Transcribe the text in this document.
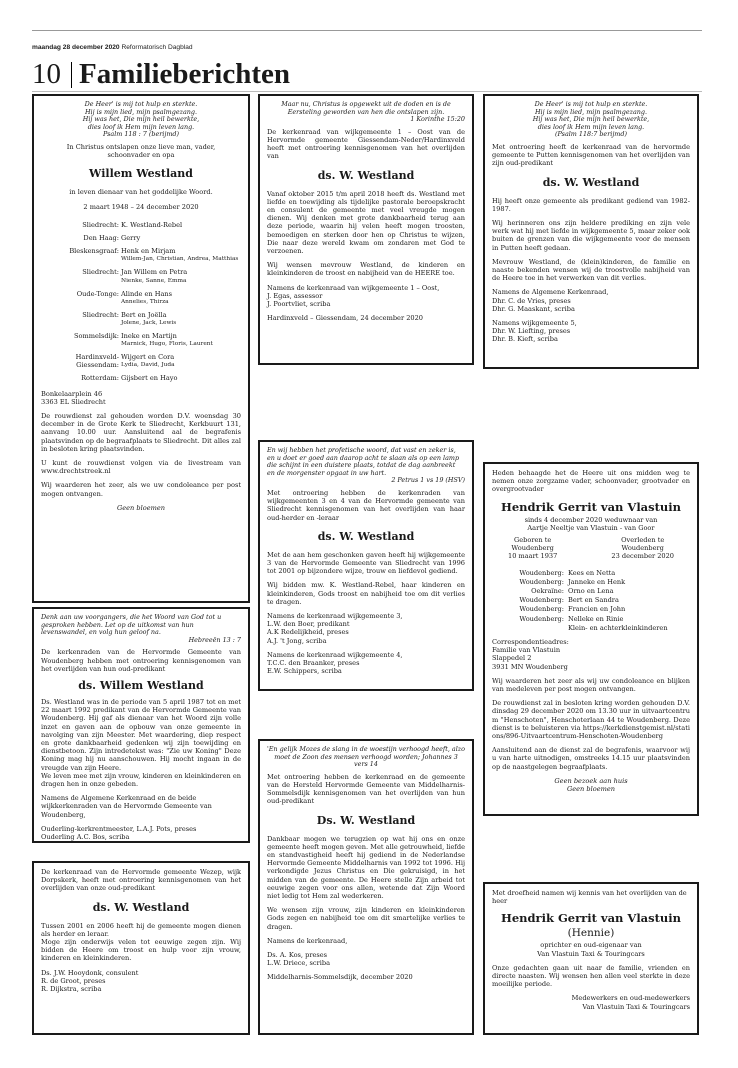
maandag 28 december 2020 Reformatorisch Dagblad
10 Familieberichten
De Heer' is mij tot hulp en sterkte.
Hij is mijn lied, mijn psalmgezang.
Hij was het, Die mijn heil bewerkte,
dies loof ik Hem mijn leven lang.
Psalm 118 : 7 (berijmd)
In Christus ontslapen onze lieve man, vader,
schoonvader en opa
Willem Westland
in leven dienaar van het goddelijke Woord.
2 maart 1948 – 24 december 2020
Sliedrecht: K. Westland-Rebel
Den Haag: Gerry
Bleskensgraaf: Henk en Mirjam
Willem-Jan, Christian, Andrea, Matthias
Sliedrecht: Jan Willem en Petra
Nienke, Sanne, Emma
Oude-Tonge: Alinde en Hans
Annelies, Thirza
Sliedrecht: Bert en Joëlla
Jolene, Jack, Lewis
Sommelsdijk: Ineke en Martijn
Marnick, Hugo, Floris, Laurent
Hardinxveld-Giessendam:
Wijgert en Cora
Lydia, David, Juda
Rotterdam: Gijsbert en Hayo
Bonkelaarplein 46
3363 EL Sliedrecht
De rouwdienst zal gehouden worden D.V. woensdag 30 december in de Grote Kerk te Sliedrecht, Kerkbuurt 131, aanvang 10.00 uur. Aansluitend aal de begrafenis plaatsvinden op de begraafplaats te Sliedrecht. Dit alles zal in besloten kring plaatsvinden.
U kunt de rouwdienst volgen via de livestream van www.drechtstreek.nl
Wij waarderen het zeer, als we uw condoleance per post mogen ontvangen.
Geen bloemen
Maar nu, Christus is opgewekt uit de doden en is de Eersteling geworden van hen die ontslapen zijn.
1 Korinthe 15:20
De kerkenraad van wijkgemeente 1 – Oost van de Hervormde gemeente Giessendam-Neder/Hardinxveld heeft met ontroering kennisgenomen van het overlijden van
ds. W. Westland
Vanaf oktober 2015 t/m april 2018 heeft ds. Westland met liefde en toewijding als tijdelijke pastorale beroepskracht en consulent de gemeente met veel vreugde mogen dienen. Wij denken met grote dankbaarheid terug aan deze periode, waarin hij velen heeft mogen troosten, bemoedigen en sterken door hen op Christus te wijzen, Die naar deze wereld kwam om zondaren met God te verzoenen.
Wij wensen mevrouw Westland, de kinderen en kleinkinderen de troost en nabijheid van de HEERE toe.
Namens de kerkenraad van wijkgemeente 1 – Oost,
J. Egas, assessor
J. Poortvliet, scriba
Hardinxveld – Giessendam, 24 december 2020
De Heer' is mij tot hulp en sterkte.
Hij is mijn lied, mijn psalmgezang.
Hij was het, Die mijn heil bewerkte,
dies loof ik Hem mijn leven lang.
(Psalm 118:7 berijmd)
Met ontroering heeft de kerkenraad van de hervormde gemeente te Putten kennisgenomen van het overlijden van zijn oud-predikant
ds. W. Westland
Hij heeft onze gemeente als predikant gediend van 1982-1987.
Wij herinneren ons zijn heldere prediking en zijn vele werk wat hij met liefde in wijkgemeente 5, maar zeker ook buiten de grenzen van die wijkgemeente voor de mensen in Putten heeft gedaan.
Mevrouw Westland, de (klein)kinderen, de familie en naaste bekenden wensen wij de troostvolle nabijheid van de Heere toe in het verwerken van dit verlies.
Namens de Algemene Kerkenraad,
Dhr. C. de Vries, preses
Dhr. G. Maaskant, scriba
Namens wijkgemeente 5,
Dhr. W. Liefting, preses
Dhr. B. Kieft, scriba
En wij hebben het profetische woord, dat vast en zeker is, en u doet er goed aan daarop acht te slaan als op een lamp die schijnt in een duistere plaats, totdat de dag aanbreekt en de morgenster opgaat in uw hart.
2 Petrus 1 vs 19 (HSV)
Met ontroering hebben de kerkenraden van wijkgemeenten 3 en 4 van de Hervormde gemeente van Sliedrecht kennisgenomen van het overlijden van haar oud-herder en -leraar
ds. W. Westland
Met de aan hem geschonken gaven heeft hij wijkgemeente 3 van de Hervormde Gemeente van Sliedrecht van 1996 tot 2001 op bijzondere wijze, trouw en liefdevol gediend.
Wij bidden mw. K. Westland-Rebel, haar kinderen en kleinkinderen, Gods troost en nabijheid toe om dit verlies te dragen.
Namens de kerkenraad wijkgemeente 3,
L.W. den Boer, predikant
A.K Redelijkheid, preses
A.J. 't Jong, scriba
Namens de kerkenraad wijkgemeente 4,
T.C.C. den Braanker, preses
E.W. Schippers, scriba
Heden behaagde het de Heere uit ons midden weg te nemen onze zorgzame vader, schoonvader, grootvader en overgrootvader
Hendrik Gerrit van Vlastuin
sinds 4 december 2020 weduwnaar van
Aartje Neeltje van Vlastuin - van Goor
Geboren te
Woudenberg
10 maart 1937
Overleden te
Woudenberg
23 december 2020
Woudenberg: Kees en Netta
Woudenberg: Janneke en Henk
Oekraïne: Orno en Lena
Woudenberg: Bert en Sandra
Woudenberg: Francien en John
Woudenberg: Nelleke en Rinie
Klein- en achterkleinkinderen
Correspondentieadres:
Familie van Vlastuin
Slappedel 2
3931 MN Woudenberg
Wij waarderen het zeer als wij uw condoleance en blijken van medeleven per post mogen ontvangen.
De rouwdienst zal in besloten kring worden gehouden D.V. dinsdag 29 december 2020 om 13.30 uur in uitvaartcentrum "Henschoten", Henschoterlaan 44 te Woudenberg. Deze dienst is te beluisteren via https://kerkdienstgemist.nl/stations/896-Uitvaartcentrum-Henschoten-Woudenberg
Aansluitend aan de dienst zal de begrafenis, waarvoor wij u van harte uitnodigen, omstreeks 14.15 uur plaatsvinden op de naastgelegen begraafplaats.
Geen bezoek aan huis
Geen bloemen
Denk aan uw voorgangers, die het Woord van God tot u gesproken hebben. Let op de uitkomst van hun levenswandel, en volg hun geloof na.
Hebreeën 13 : 7
De kerkenraden van de Hervormde Gemeente van Woudenberg hebben met ontroering kennisgenomen van het overlijden van hun oud-predikant
ds. Willem Westland
Ds. Westland was in de periode van 5 april 1987 tot en met 22 maart 1992 predikant van de Hervormde Gemeente van Woudenberg. Hij gaf als dienaar van het Woord zijn volle inzet en gaven aan de opbouw van onze gemeente in navolging van zijn Meester. Met waardering, diep respect en grote dankbaarheid gedenken wij zijn toewijding en dienstbetoon. Zijn intredetekst was: "Zie uw Koning" Deze Koning mag hij nu aanschouwen. Hij mocht ingaan in de vreugde van zijn Heere.
We leven mee met zijn vrouw, kinderen en kleinkinderen en dragen hen in onze gebeden.
Namens de Algemene Kerkenraad en de beide wijkkerkenraden van de Hervormde Gemeente van Woudenberg,
Ouderling-kerkrentmeester, L.A.J. Pots, preses
Ouderling A.C. Bos, scriba
'En gelijk Mozes de slang in de woestijn verhoogd heeft, alzo moet de Zoon des mensen verhoogd worden; Johannes 3 vers 14
Met ontroering hebben de kerkenraad en de gemeente van de Hersteld Hervormde Gemeente van Middelharnis-Sommelsdijk kennisgenomen van het overlijden van hun oud-predikant
Ds. W. Westland
Dankbaar mogen we terugzien op wat hij ons en onze gemeente heeft mogen geven. Met alle getrouwheid, liefde en standvastigheid heeft hij gediend in de Nederlandse Hervormde Gemeente Middelharnis van 1992 tot 1996. Hij verkondigde Jezus Christus en Die gekruisigd, in het midden van de gemeente. De Heere stelle Zijn arbeid tot eeuwige zegen voor ons allen, wetende dat Zijn Woord niet ledig tot Hem zal wederkeren.
We wensen zijn vrouw, zijn kinderen en kleinkinderen Gods zegen en nabijheid toe om dit smartelijke verlies te dragen.
Namens de kerkenraad,
Ds. A. Kos, preses
L.W. Driece, scriba
Middelharnis-Sommelsdijk, december 2020
De kerkenraad van de Hervormde gemeente Wezep, wijk Dorpskerk, heeft met ontroering kennisgenomen van het overlijden van onze oud-predikant
ds. W. Westland
Tussen 2001 en 2006 heeft hij de gemeente mogen dienen als herder en leraar.
Moge zijn onderwijs velen tot eeuwige zegen zijn. Wij bidden de Heere om troost en hulp voor zijn vrouw, kinderen en kleinkinderen.
Ds. J.W. Hooydonk, consulent
R. de Groot, preses
R. Dijkstra, scriba
Met droefheid namen wij kennis van het overlijden van de heer
Hendrik Gerrit van Vlastuin
(Hennie)
oprichter en oud-eigenaar van
Van Vlastuin Taxi & Touringcars
Onze gedachten gaan uit naar de familie, vrienden en directe naasten. Wij wensen hen allen veel sterkte in deze moeilijke periode.
Medewerkers en oud-medewerkers
Van Vlastuin Taxi & Touringcars
